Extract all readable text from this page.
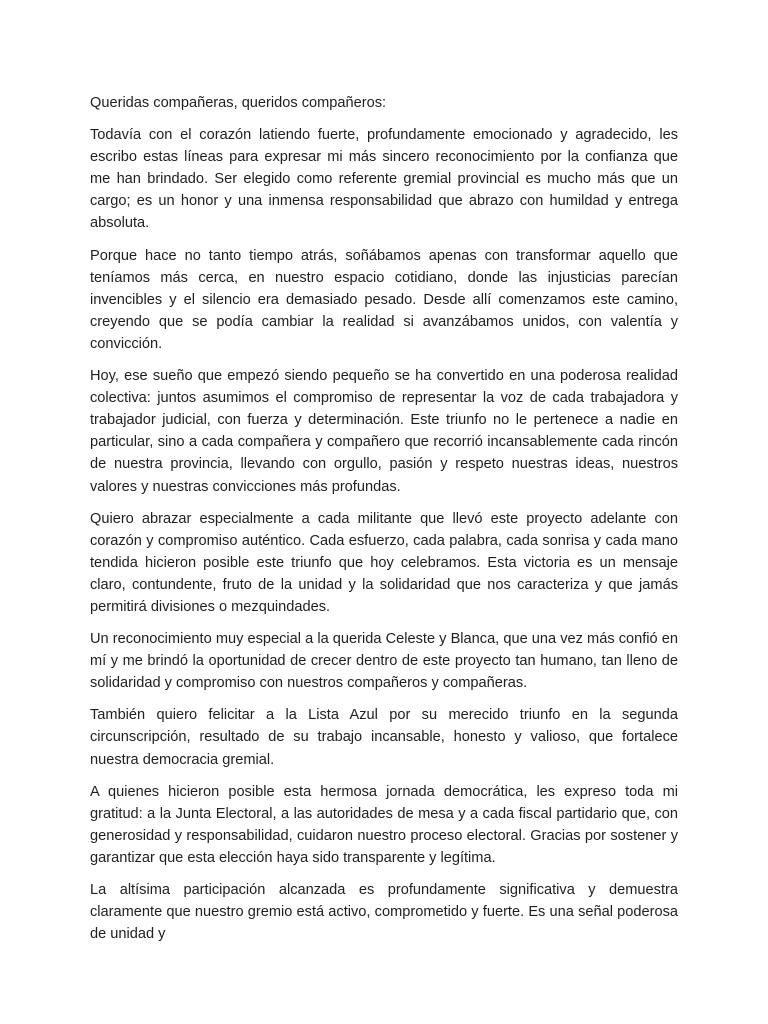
Queridas compañeras, queridos compañeros:

Todavía con el corazón latiendo fuerte, profundamente emocionado y agradecido, les escribo estas líneas para expresar mi más sincero reconocimiento por la confianza que me han brindado. Ser elegido como referente gremial provincial es mucho más que un cargo; es un honor y una inmensa responsabilidad que abrazo con humildad y entrega absoluta.

Porque hace no tanto tiempo atrás, soñábamos apenas con transformar aquello que teníamos más cerca, en nuestro espacio cotidiano, donde las injusticias parecían invencibles y el silencio era demasiado pesado. Desde allí comenzamos este camino, creyendo que se podía cambiar la realidad si avanzábamos unidos, con valentía y convicción.

Hoy, ese sueño que empezó siendo pequeño se ha convertido en una poderosa realidad colectiva: juntos asumimos el compromiso de representar la voz de cada trabajadora y trabajador judicial, con fuerza y determinación. Este triunfo no le pertenece a nadie en particular, sino a cada compañera y compañero que recorrió incansablemente cada rincón de nuestra provincia, llevando con orgullo, pasión y respeto nuestras ideas, nuestros valores y nuestras convicciones más profundas.

Quiero abrazar especialmente a cada militante que llevó este proyecto adelante con corazón y compromiso auténtico. Cada esfuerzo, cada palabra, cada sonrisa y cada mano tendida hicieron posible este triunfo que hoy celebramos. Esta victoria es un mensaje claro, contundente, fruto de la unidad y la solidaridad que nos caracteriza y que jamás permitirá divisiones o mezquindades.

Un reconocimiento muy especial a la querida Celeste y Blanca, que una vez más confió en mí y me brindó la oportunidad de crecer dentro de este proyecto tan humano, tan lleno de solidaridad y compromiso con nuestros compañeros y compañeras.

También quiero felicitar a la Lista Azul por su merecido triunfo en la segunda circunscripción, resultado de su trabajo incansable, honesto y valioso, que fortalece nuestra democracia gremial.

A quienes hicieron posible esta hermosa jornada democrática, les expreso toda mi gratitud: a la Junta Electoral, a las autoridades de mesa y a cada fiscal partidario que, con generosidad y responsabilidad, cuidaron nuestro proceso electoral. Gracias por sostener y garantizar que esta elección haya sido transparente y legítima.

La altísima participación alcanzada es profundamente significativa y demuestra claramente que nuestro gremio está activo, comprometido y fuerte. Es una señal poderosa de unidad y
